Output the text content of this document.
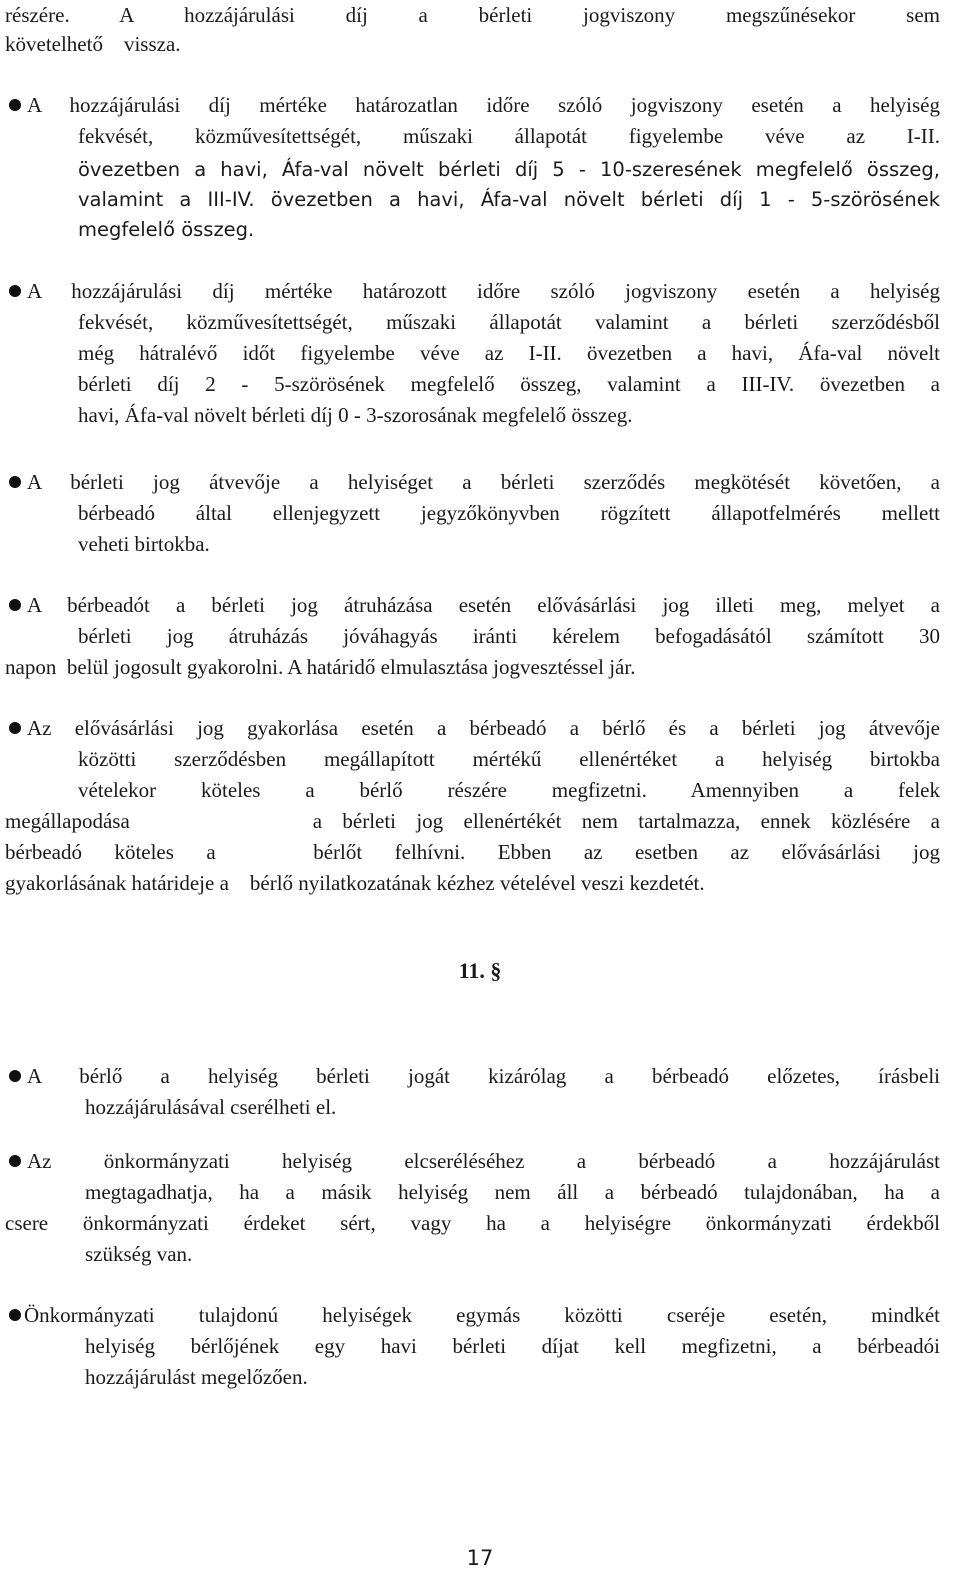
részére. A hozzájárulási díj a bérleti jogviszony megszűnésekor sem
követelhető    vissza.
A hozzájárulási díj mértéke határozatlan időre szóló jogviszony esetén a helyiség
fekvését, közművesítettségét, műszaki állapotát figyelembe véve az I-II.
övezetben a havi, Áfa-val növelt bérleti díj 5 - 10-szeresének megfelelő összeg,
valamint a III-IV. övezetben a havi, Áfa-val növelt bérleti díj 1 - 5-szörösének
megfelelő összeg.
A hozzájárulási díj mértéke határozott időre szóló jogviszony esetén a helyiség
fekvését, közművesítettségét, műszaki állapotát valamint a bérleti szerződésből
még hátralévő időt figyelembe véve az I-II. övezetben a havi, Áfa-val növelt
bérleti díj 2 - 5-szörösének megfelelő összeg, valamint a III-IV. övezetben a
havi, Áfa-val növelt bérleti díj 0 - 3-szorosának megfelelő összeg.
A bérleti jog átvevője a helyiséget a bérleti szerződés megkötését követően, a
bérbeadó által ellenjegyzett jegyzőkönyvben rögzített állapotfelmérés mellett
veheti birtokba.
A bérbeadót a bérleti jog átruházása esetén elővásárlási jog illeti meg, melyet a
bérleti jog átruházás jóváhagyás iránti kérelem befogadásától számított 30
napon  belül jogosult gyakorolni. A határidő elmulasztása jogvesztéssel jár.
Az elővásárlási jog gyakorlása esetén a bérbeadó a bérlő és a bérleti jog átvevője
közötti szerződésben megállapított mértékű ellenértéket a helyiség birtokba
vételekor köteles a bérlő részére megfizetni. Amennyiben a felek
megállapodása         a bérleti jog ellenértékét nem tartalmazza, ennek közlésére a
bérbeadó köteles a   bérlőt felhívni. Ebben az esetben az elővásárlási jog
gyakorlásának határideje a    bérlő nyilatkozatának kézhez vételével veszi kezdetét.
11. §
A bérlő a helyiség bérleti jogát kizárólag a bérbeadó előzetes, írásbeli
hozzájárulásával cserélheti el.
Az önkormányzati helyiség elcseréléséhez a bérbeadó a hozzájárulást
megtagadhatja, ha a másik helyiség nem áll a bérbeadó tulajdonában, ha a
csere önkormányzati érdeket sért, vagy ha a helyiségre önkormányzati érdekből
szükség van.
Önkormányzati tulajdonú helyiségek egymás közötti cseréje esetén, mindkét
helyiség bérlőjének egy havi bérleti díjat kell megfizetni, a bérbeadói
hozzájárulást megelőzően.
17
